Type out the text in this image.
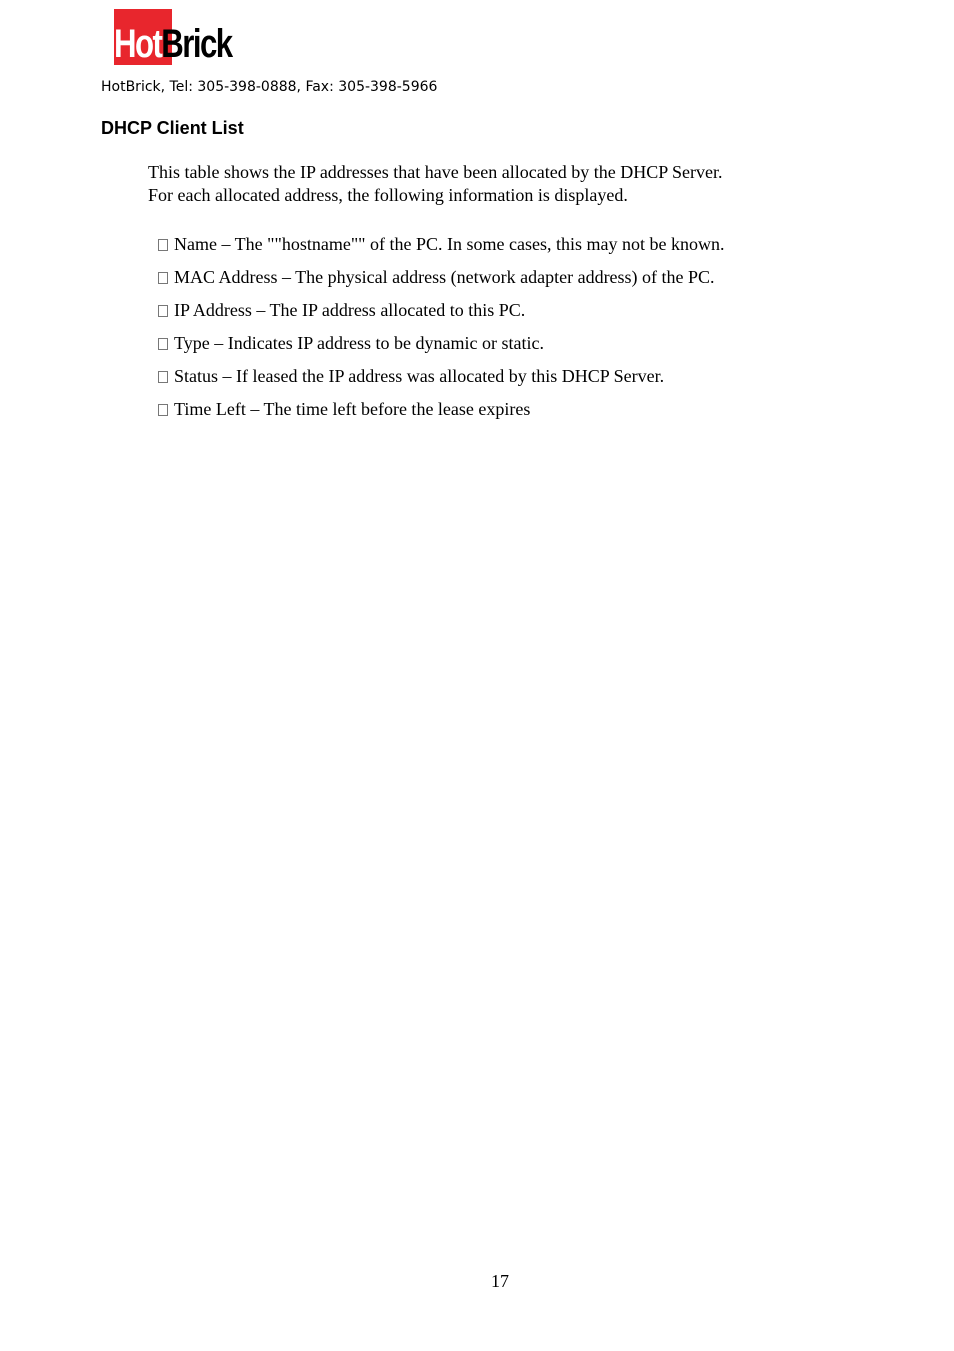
HotBrick
HotBrick, Tel: 305-398-0888, Fax: 305-398-5966
DHCP Client List
This table shows the IP addresses that have been allocated by the DHCP Server.
For each allocated address, the following information is displayed.
Name – The ""hostname"" of the PC. In some cases, this may not be known.
MAC Address – The physical address (network adapter address) of the PC.
IP Address – The IP address allocated to this PC.
Type – Indicates IP address to be dynamic or static.
Status – If leased the IP address was allocated by this DHCP Server.
Time Left – The time left before the lease expires
17
